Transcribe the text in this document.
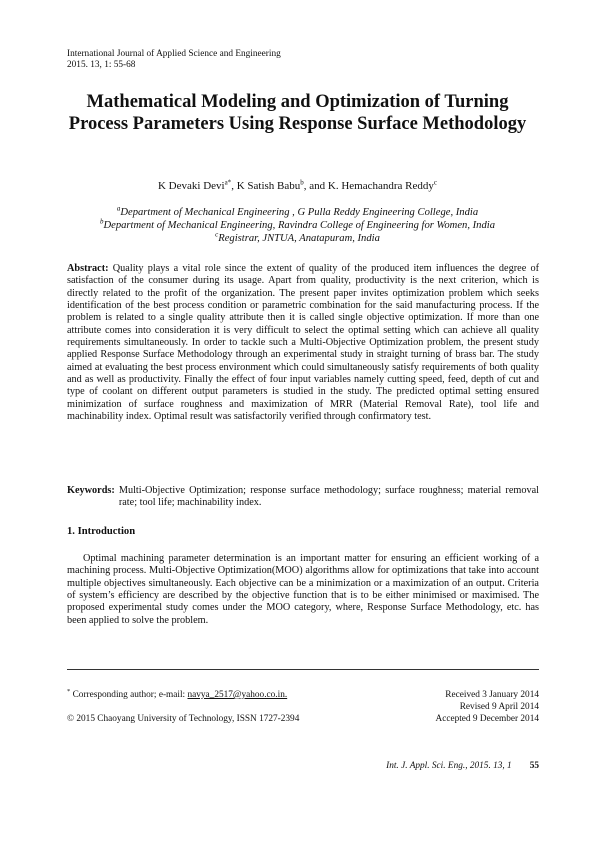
International Journal of Applied Science and Engineering
2015. 13, 1: 55-68
Mathematical Modeling and Optimization of Turning Process Parameters Using Response Surface Methodology
K Devaki Devi$^{a*}$, K Satish Babu$^b$, and K. Hemachandra Reddy$^c$
$^a$Department of Mechanical Engineering , G Pulla Reddy Engineering College, India
$^b$Department of Mechanical Engineering, Ravindra College of Engineering for Women, India
$^c$Registrar, JNTUA, Anatapuram, India
Abstract: Quality plays a vital role since the extent of quality of the produced item influences the degree of satisfaction of the consumer during its usage. Apart from quality, productivity is the next criterion, which is directly related to the profit of the organization. The present paper invites optimization problem which seeks identification of the best process condition or parametric combination for the said manufacturing process. If the problem is related to a single quality attribute then it is called single objective optimization. If more than one attribute comes into consideration it is very difficult to select the optimal setting which can achieve all quality requirements simultaneously. In order to tackle such a Multi-Objective Optimization problem, the present study applied Response Surface Methodology through an experimental study in straight turning of brass bar. The study aimed at evaluating the best process environment which could simultaneously satisfy requirements of both quality and as well as productivity. Finally the effect of four input variables namely cutting speed, feed, depth of cut and type of coolant on different output parameters is studied in the study. The predicted optimal setting ensured minimization of surface roughness and maximization of MRR (Material Removal Rate), tool life and machinability index. Optimal result was satisfactorily verified through confirmatory test.
Keywords: Multi-Objective Optimization; response surface methodology; surface roughness; material removal rate; tool life; machinability index.
1. Introduction
Optimal machining parameter determination is an important matter for ensuring an efficient working of a machining process. Multi-Objective Optimization(MOO) algorithms allow for optimizations that take into account multiple objectives simultaneously. Each objective can be a minimization or a maximization of an output. Criteria of system’s efficiency are described by the objective function that is to be either minimised or maximised. The proposed experimental study comes under the MOO category, where, Response Surface Methodology, etc. has been applied to solve the problem.
* Corresponding author; e-mail: navya_2517@yahoo.co.in.
© 2015 Chaoyang University of Technology, ISSN 1727-2394
Received 3 January 2014
Revised 9 April 2014
Accepted 9 December 2014
Int. J. Appl. Sci. Eng., 2015. 13, 1 55
